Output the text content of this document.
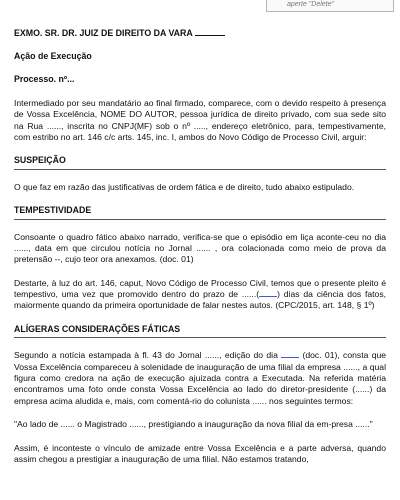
aperte "Delete"
EXMO. SR. DR. JUIZ DE DIREITO DA VARA
Ação de Execução
Processo. nº...

Intermediado por seu mandatário ao final firmado, comparece, com o devido respeito à presença de Vossa Excelência, NOME DO AUTOR, pessoa jurídica de direito privado, com sua sede sito na Rua ......, inscrita no CNPJ(MF) sob o nº ....., endereço eletrônico, para, tempestivamente, com estribo no art. 146 c/c arts. 145, inc. I, ambos do Novo Código de Processo Civil, arguir:

SUSPEIÇÃO

O que faz em razão das justificativas de ordem fática e de direito, tudo abaixo estipulado.

TEMPESTIVIDADE

Consoante o quadro fático abaixo narrado, verifica-se que o episódio em liça aconte-ceu no dia ......, data em que circulou notícia no Jornal ...... , ora colacionada como meio de prova da pretensão --, cujo teor ora anexamos. (doc. 01)

Destarte, à luz do art. 146, caput, Novo Código de Processo Civil, temos que o presente pleito é tempestivo, uma vez que promovido dentro do prazo de ......( ) dias da ciência dos fatos, maiormente quando da primeira oportunidade de falar nestes autos. (CPC/2015, art. 148, § 1º)

ALÍGERAS CONSIDERAÇÕES FÁTICAS

Segundo a notícia estampada à fl. 43 do Jornal ......, edição do dia	(doc. 01), consta que Vossa Excelência compareceu à solenidade de inauguração de uma filial da empresa ......, a qual figura como credora na ação de execução ajuizada contra a Executada. Na referida matéria encontramos uma foto onde consta Vossa Excelência ao lado do diretor-presidente (......) da empresa acima aludida e, mais, com comentá-rio do colunista ...... nos seguintes termos:

"Ao lado de ...... o Magistrado ......, prestigiando a inauguração da nova filial da em-presa ......"

Assim, é inconteste o vínculo de amizade entre Vossa Excelência e a parte adversa, quando assim chegou a prestigiar a inauguração de uma filial. Não estamos tratando,
